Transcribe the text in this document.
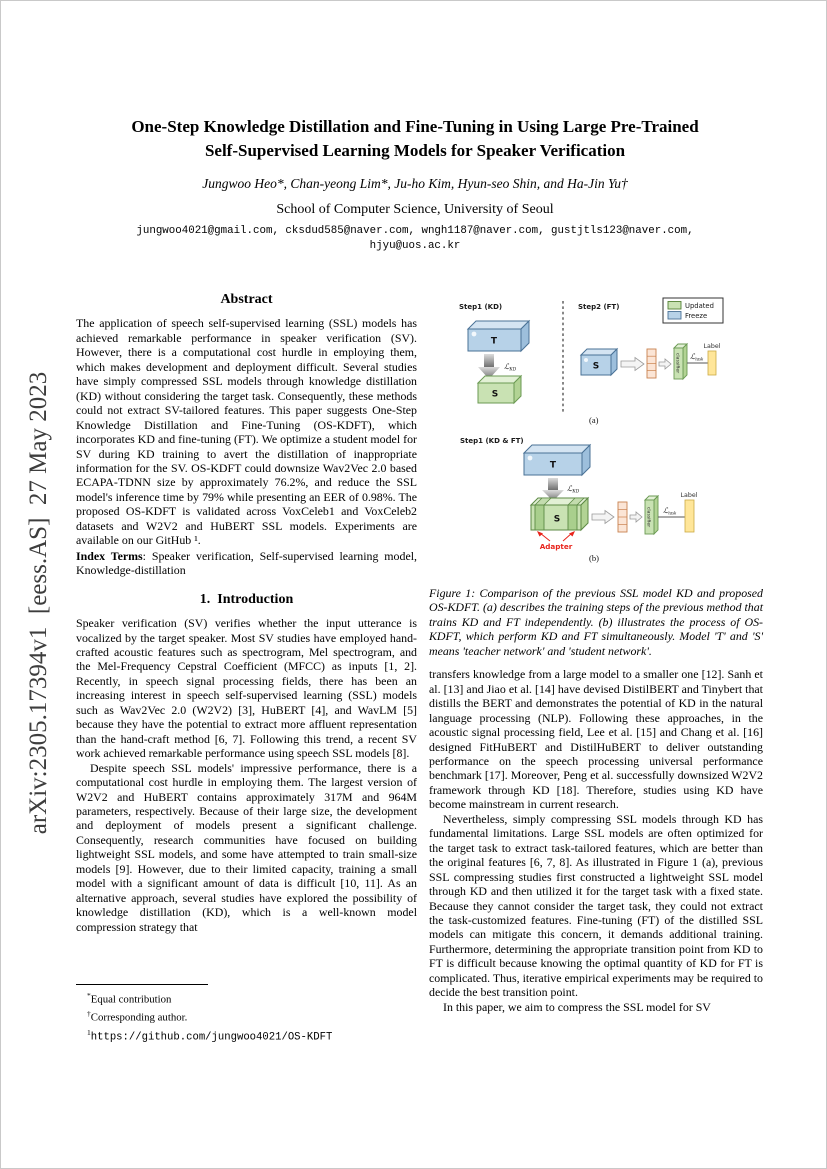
arXiv:2305.17394v1  [eess.AS]  27 May 2023
One-Step Knowledge Distillation and Fine-Tuning in Using Large Pre-Trained
Self-Supervised Learning Models for Speaker Verification
Jungwoo Heo*, Chan-yeong Lim*, Ju-ho Kim, Hyun-seo Shin, and Ha-Jin Yu†
School of Computer Science, University of Seoul
jungwoo4021@gmail.com, cksdud585@naver.com, wngh1187@naver.com, gustjtls123@naver.com,
hjyu@uos.ac.kr
Abstract

The application of speech self-supervised learning (SSL) models has achieved remarkable performance in speaker verification (SV). However, there is a computational cost hurdle in employing them, which makes development and deployment difficult. Several studies have simply compressed SSL models through knowledge distillation (KD) without considering the target task. Consequently, these methods could not extract SV-tailored features. This paper suggests One-Step Knowledge Distillation and Fine-Tuning (OS-KDFT), which incorporates KD and fine-tuning (FT). We optimize a student model for SV during KD training to avert the distillation of inappropriate information for the SV. OS-KDFT could downsize Wav2Vec 2.0 based ECAPA-TDNN size by approximately 76.2%, and reduce the SSL model's inference time by 79% while presenting an EER of 0.98%. The proposed OS-KDFT is validated across VoxCeleb1 and VoxCeleb2 datasets and W2V2 and HuBERT SSL models. Experiments are available on our GitHub ¹.

Index Terms: Speaker verification, Self-supervised learning model, Knowledge-distillation

1.  Introduction

Speaker verification (SV) verifies whether the input utterance is vocalized by the target speaker. Most SV studies have employed hand-crafted acoustic features such as spectrogram, Mel spectrogram, and the Mel-Frequency Cepstral Coefficient (MFCC) as inputs [1, 2]. Recently, in speech signal processing fields, there has been an increasing interest in speech self-supervised learning (SSL) models such as Wav2Vec 2.0 (W2V2) [3], HuBERT [4], and WavLM [5] because they have the potential to extract more affluent representation than the hand-craft method [6, 7]. Following this trend, a recent SV work achieved remarkable performance using speech SSL models [8].

Despite speech SSL models' impressive performance, there is a computational cost hurdle in employing them. The largest version of W2V2 and HuBERT contains approximately 317M and 964M parameters, respectively. Because of their large size, the development and deployment of models present a significant challenge. Consequently, research communities have focused on building lightweight SSL models, and some have attempted to train small-size models [9]. However, due to their limited capacity, training a small model with a significant amount of data is difficult [10, 11]. As an alternative approach, several studies have explored the possibility of knowledge distillation (KD), which is a well-known model compression strategy that

*Equal contribution
†Corresponding author.
$^1$https://github.com/jungwoo4021/OS-KDFT
Step1 (KD)
T
ℒ$_{KD}$
S
Step2 (FT)	Updated
Freeze
S	classifier ℒ$_{task}$
Label
(a)
Step1 (KD & FT)
T
ℒ$_{KD}$
S
Adapter
classifier ℒ$_{task}$
Label
(b)
Figure 1: Comparison of the previous SSL model KD and proposed OS-KDFT. (a) describes the training steps of the previous method that trains KD and FT independently. (b) illustrates the process of OS-KDFT, which perform KD and FT simultaneously. Model 'T' and 'S' means 'teacher network' and 'student network'.

transfers knowledge from a large model to a smaller one [12]. Sanh et al. [13] and Jiao et al. [14] have devised DistilBERT and Tinybert that distills the BERT and demonstrates the potential of KD in the natural language processing (NLP). Following these approaches, in the acoustic signal processing field, Lee et al. [15] and Chang et al. [16] designed FitHuBERT and DistilHuBERT to deliver outstanding performance on the speech processing universal performance benchmark [17]. Moreover, Peng et al. successfully downsized W2V2 framework through KD [18]. Therefore, studies using KD have become mainstream in current research.

Nevertheless, simply compressing SSL models through KD has fundamental limitations. Large SSL models are often optimized for the target task to extract task-tailored features, which are better than the original features [6, 7, 8]. As illustrated in Figure 1 (a), previous SSL compressing studies first constructed a lightweight SSL model through KD and then utilized it for the target task with a fixed state. Because they cannot consider the target task, they could not extract the task-customized features. Fine-tuning (FT) of the distilled SSL models can mitigate this concern, it demands additional training. Furthermore, determining the appropriate transition point from KD to FT is difficult because knowing the optimal quantity of KD for FT is complicated. Thus, iterative empirical experiments may be required to decide the best transition point.

In this paper, we aim to compress the SSL model for SV
